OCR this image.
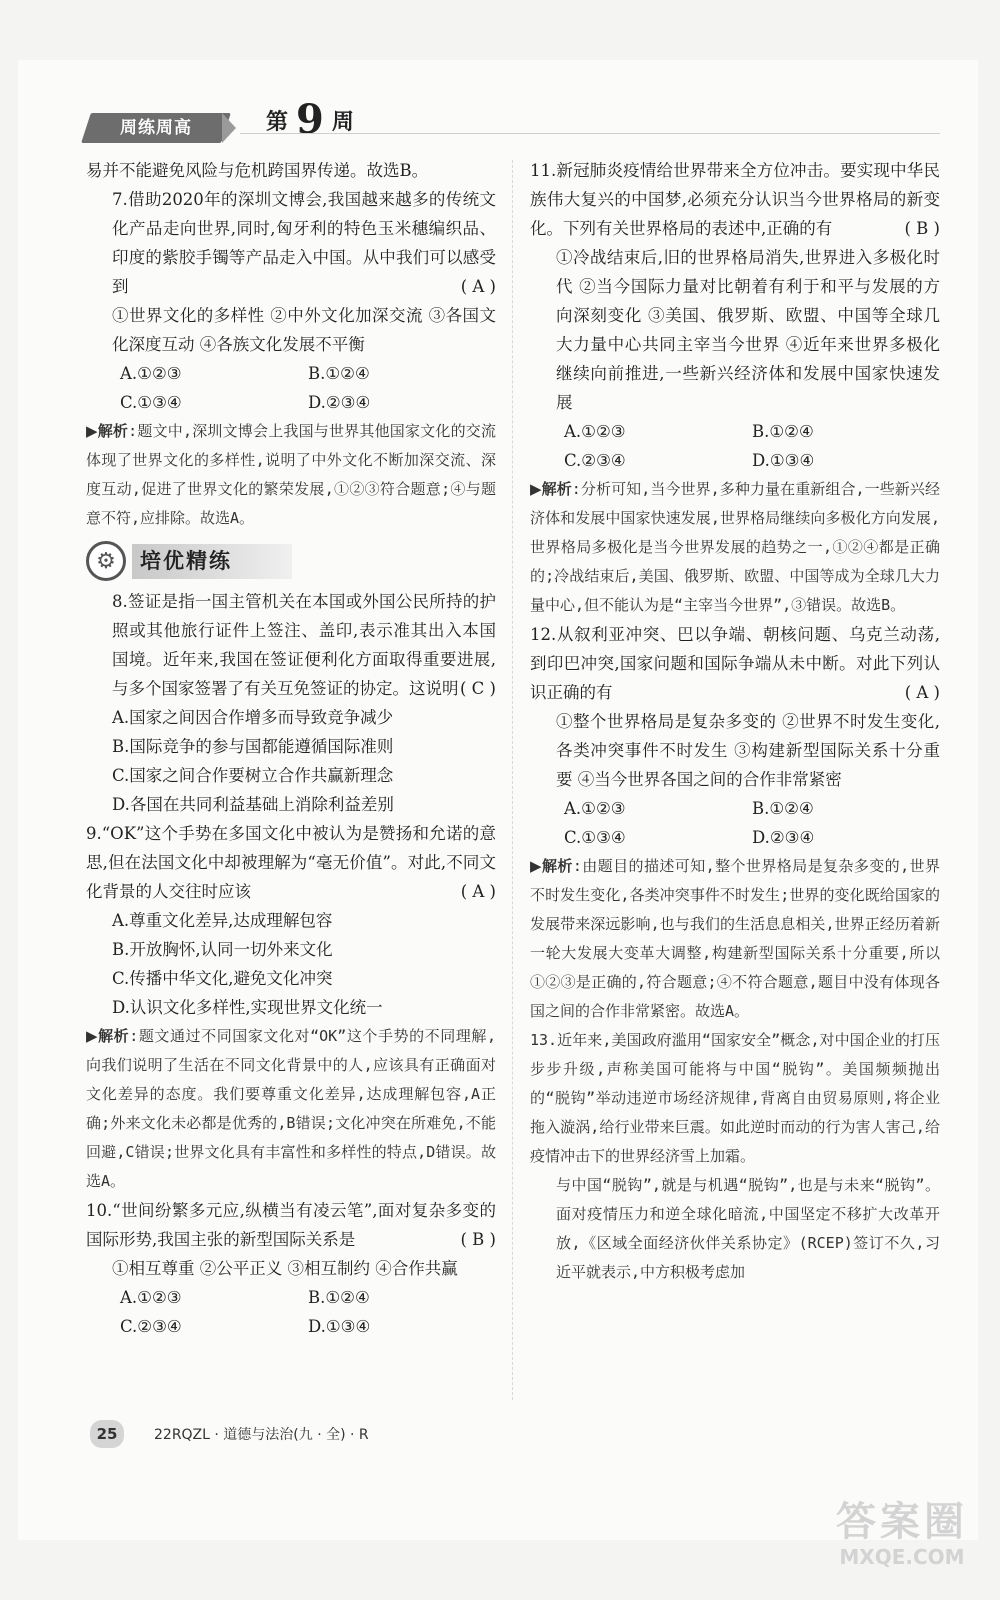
周练周高	第 9 周

易并不能避免风险与危机跨国界传递。故选B。

7.借助2020年的深圳文博会,我国越来越多的传统文化产品走向世界,同时,匈牙利的特色玉米穗编织品、印度的紫胶手镯等产品走入中国。从中我们可以感受到	( A )

①世界文化的多样性 ②中外文化加深交流 ③各国文化深度互动 ④各族文化发展不平衡

A.①②③	B.①②④
C.①③④	D.②③④

▶解析:题文中,深圳文博会上我国与世界其他国家文化的交流体现了世界文化的多样性,说明了中外文化不断加深交流、深度互动,促进了世界文化的繁荣发展,①②③符合题意;④与题意不符,应排除。故选A。

⚙	培优精练

8.签证是指一国主管机关在本国或外国公民所持的护照或其他旅行证件上签注、盖印,表示准其出入本国国境。近年来,我国在签证便利化方面取得重要进展,与多个国家签署了有关互免签证的协定。这说明 ( C )

A.国家之间因合作增多而导致竞争减少

B.国际竞争的参与国都能遵循国际准则

C.国家之间合作要树立合作共赢新理念

D.各国在共同利益基础上消除利益差别

9.“OK”这个手势在多国文化中被认为是赞扬和允诺的意思,但在法国文化中却被理解为“毫无价值”。对此,不同文化背景的人交往时应该	( A )

A.尊重文化差异,达成理解包容

B.开放胸怀,认同一切外来文化

C.传播中华文化,避免文化冲突

D.认识文化多样性,实现世界文化统一

▶解析:题文通过不同国家文化对“OK”这个手势的不同理解,向我们说明了生活在不同文化背景中的人,应该具有正确面对文化差异的态度。我们要尊重文化差异,达成理解包容,A正确;外来文化未必都是优秀的,B错误;文化冲突在所难免,不能回避,C错误;世界文化具有丰富性和多样性的特点,D错误。故选A。

10.“世间纷繁多元应,纵横当有凌云笔”,面对复杂多变的国际形势,我国主张的新型国际关系是	( B )

①相互尊重 ②公平正义 ③相互制约 ④合作共赢

A.①②③	B.①②④
C.②③④	D.①③④

11.新冠肺炎疫情给世界带来全方位冲击。要实现中华民族伟大复兴的中国梦,必须充分认识当今世界格局的新变化。下列有关世界格局的表述中,正确的有	( B )

①冷战结束后,旧的世界格局消失,世界进入多极化时代 ②当今国际力量对比朝着有利于和平与发展的方向深刻变化 ③美国、俄罗斯、欧盟、中国等全球几大力量中心共同主宰当今世界 ④近年来世界多极化继续向前推进,一些新兴经济体和发展中国家快速发展

A.①②③	B.①②④
C.②③④	D.①③④

▶解析:分析可知,当今世界,多种力量在重新组合,一些新兴经济体和发展中国家快速发展,世界格局继续向多极化方向发展,世界格局多极化是当今世界发展的趋势之一,①②④都是正确的;冷战结束后,美国、俄罗斯、欧盟、中国等成为全球几大力量中心,但不能认为是“主宰当今世界”,③错误。故选B。

12.从叙利亚冲突、巴以争端、朝核问题、乌克兰动荡,到印巴冲突,国家问题和国际争端从未中断。对此下列认识正确的有	( A )

①整个世界格局是复杂多变的 ②世界不时发生变化,各类冲突事件不时发生 ③构建新型国际关系十分重要 ④当今世界各国之间的合作非常紧密

A.①②③	B.①②④
C.①③④	D.②③④

▶解析:由题目的描述可知,整个世界格局是复杂多变的,世界不时发生变化,各类冲突事件不时发生;世界的变化既给国家的发展带来深远影响,也与我们的生活息息相关,世界正经历着新一轮大发展大变革大调整,构建新型国际关系十分重要,所以①②③是正确的,符合题意;④不符合题意,题目中没有体现各国之间的合作非常紧密。故选A。

13.近年来,美国政府滥用“国家安全”概念,对中国企业的打压步步升级,声称美国可能将与中国“脱钩”。美国频频抛出的“脱钩”举动违逆市场经济规律,背离自由贸易原则,将企业拖入漩涡,给行业带来巨震。如此逆时而动的行为害人害己,给疫情冲击下的世界经济雪上加霜。

与中国“脱钩”,就是与机遇“脱钩”,也是与未来“脱钩”。面对疫情压力和逆全球化暗流,中国坚定不移扩大改革开放,《区域全面经济伙伴关系协定》(RCEP)签订不久,习近平就表示,中方积极考虑加

25	22RQZL · 道德与法治(九 · 全) · R
答案圈
MXQE.COM
